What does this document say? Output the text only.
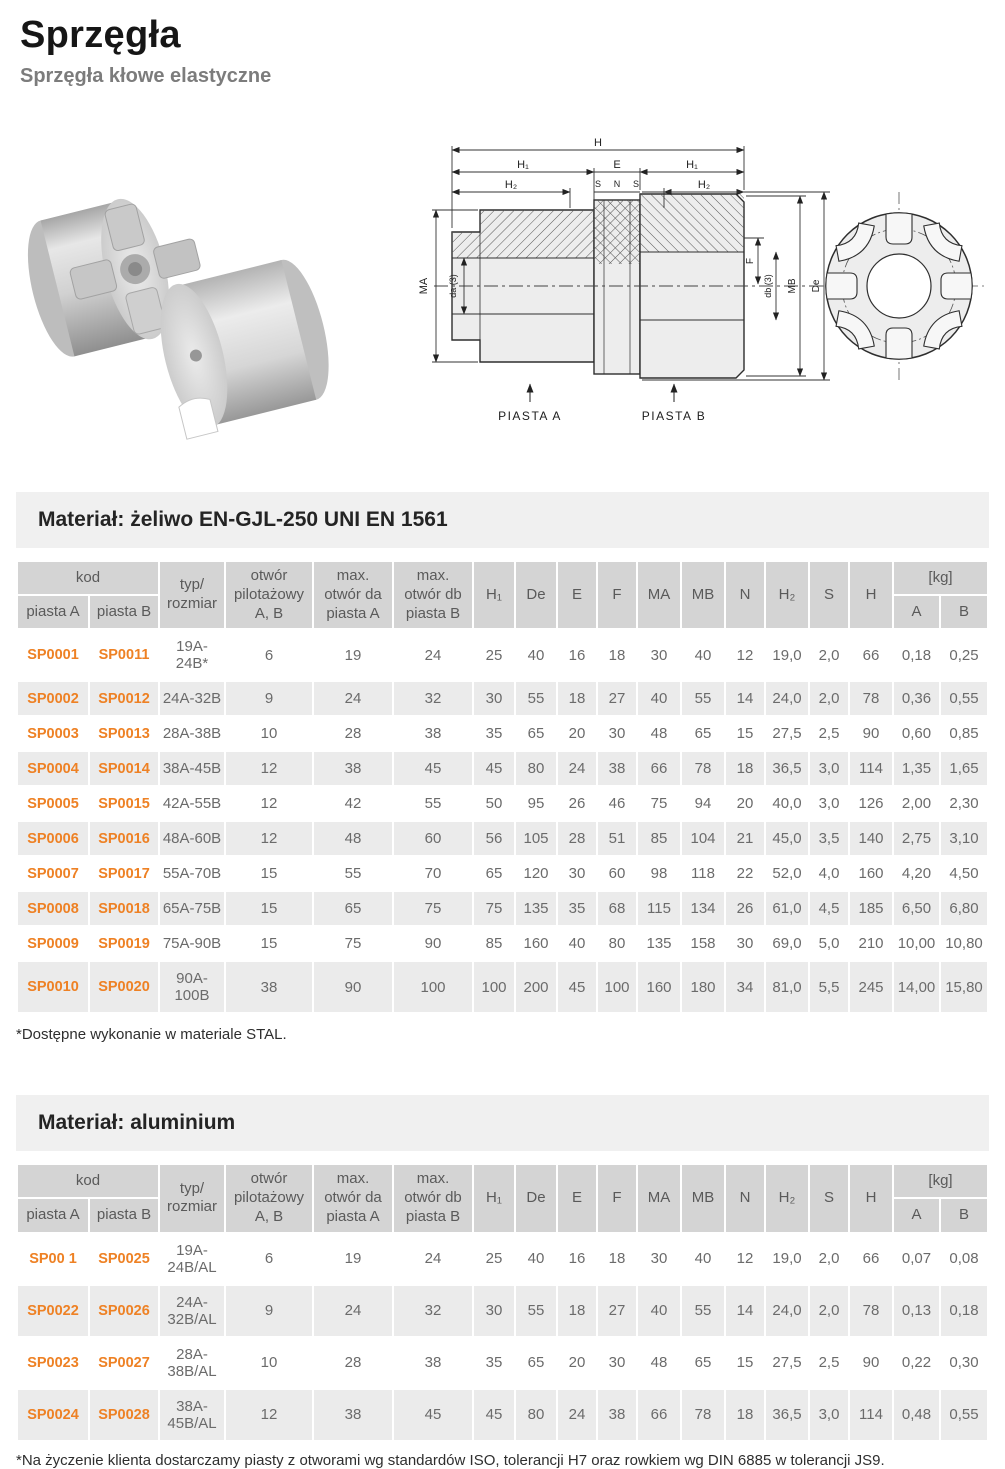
Sprzęgła
Sprzęgła kłowe elastyczne
H
H₁	E	H₁
H₂	S N S	H₂
MA da (3)
F
db (3) MB De
PIASTA A	PIASTA B
Materiał: żeliwo EN-GJL-250 UNI EN 1561
kod		typ/ rozmiar	otwór pilotażowy A, B	max. otwór da piasta A	max. otwór db piasta B	H₁	De	E	F	MA	MB	N	H₂	S	H	[kg]	
piasta A	piasta B															A	B
SP0001	SP0011	19A-24B*	6	19	24	25	40	16	18	30	40	12	19,0	2,0	66	0,18	0,25
SP0002	SP0012	24A-32B	9	24	32	30	55	18	27	40	55	14	24,0	2,0	78	0,36	0,55
SP0003	SP0013	28A-38B	10	28	38	35	65	20	30	48	65	15	27,5	2,5	90	0,60	0,85
SP0004	SP0014	38A-45B	12	38	45	45	80	24	38	66	78	18	36,5	3,0	114	1,35	1,65
SP0005	SP0015	42A-55B	12	42	55	50	95	26	46	75	94	20	40,0	3,0	126	2,00	2,30
SP0006	SP0016	48A-60B	12	48	60	56	105	28	51	85	104	21	45,0	3,5	140	2,75	3,10
SP0007	SP0017	55A-70B	15	55	70	65	120	30	60	98	118	22	52,0	4,0	160	4,20	4,50
SP0008	SP0018	65A-75B	15	65	75	75	135	35	68	115	134	26	61,0	4,5	185	6,50	6,80
SP0009	SP0019	75A-90B	15	75	90	85	160	40	80	135	158	30	69,0	5,0	210	10,00	10,80
SP0010	SP0020	90A-100B	38	90	100	100	200	45	100	160	180	34	81,0	5,5	245	14,00	15,80

*Dostępne wykonanie w materiale STAL.

Materiał: aluminium
kod		typ/ rozmiar	otwór pilotażowy A, B	max. otwór da piasta A	max. otwór db piasta B	H₁	De	E	F	MA	MB	N	H₂	S	H	[kg]	
piasta A	piasta B															A	B
SP00 1	SP0025	19A-24B/AL	6	19	24	25	40	16	18	30	40	12	19,0	2,0	66	0,07	0,08
SP0022	SP0026	24A-32B/AL	9	24	32	30	55	18	27	40	55	14	24,0	2,0	78	0,13	0,18
SP0023	SP0027	28A-38B/AL	10	28	38	35	65	20	30	48	65	15	27,5	2,5	90	0,22	0,30
SP0024	SP0028	38A-45B/AL	12	38	45	45	80	24	38	66	78	18	36,5	3,0	114	0,48	0,55

*Na życzenie klienta dostarczamy piasty z otworami wg standardów ISO, tolerancji H7 oraz rowkiem wg DIN 6885 w tolerancji JS9.
